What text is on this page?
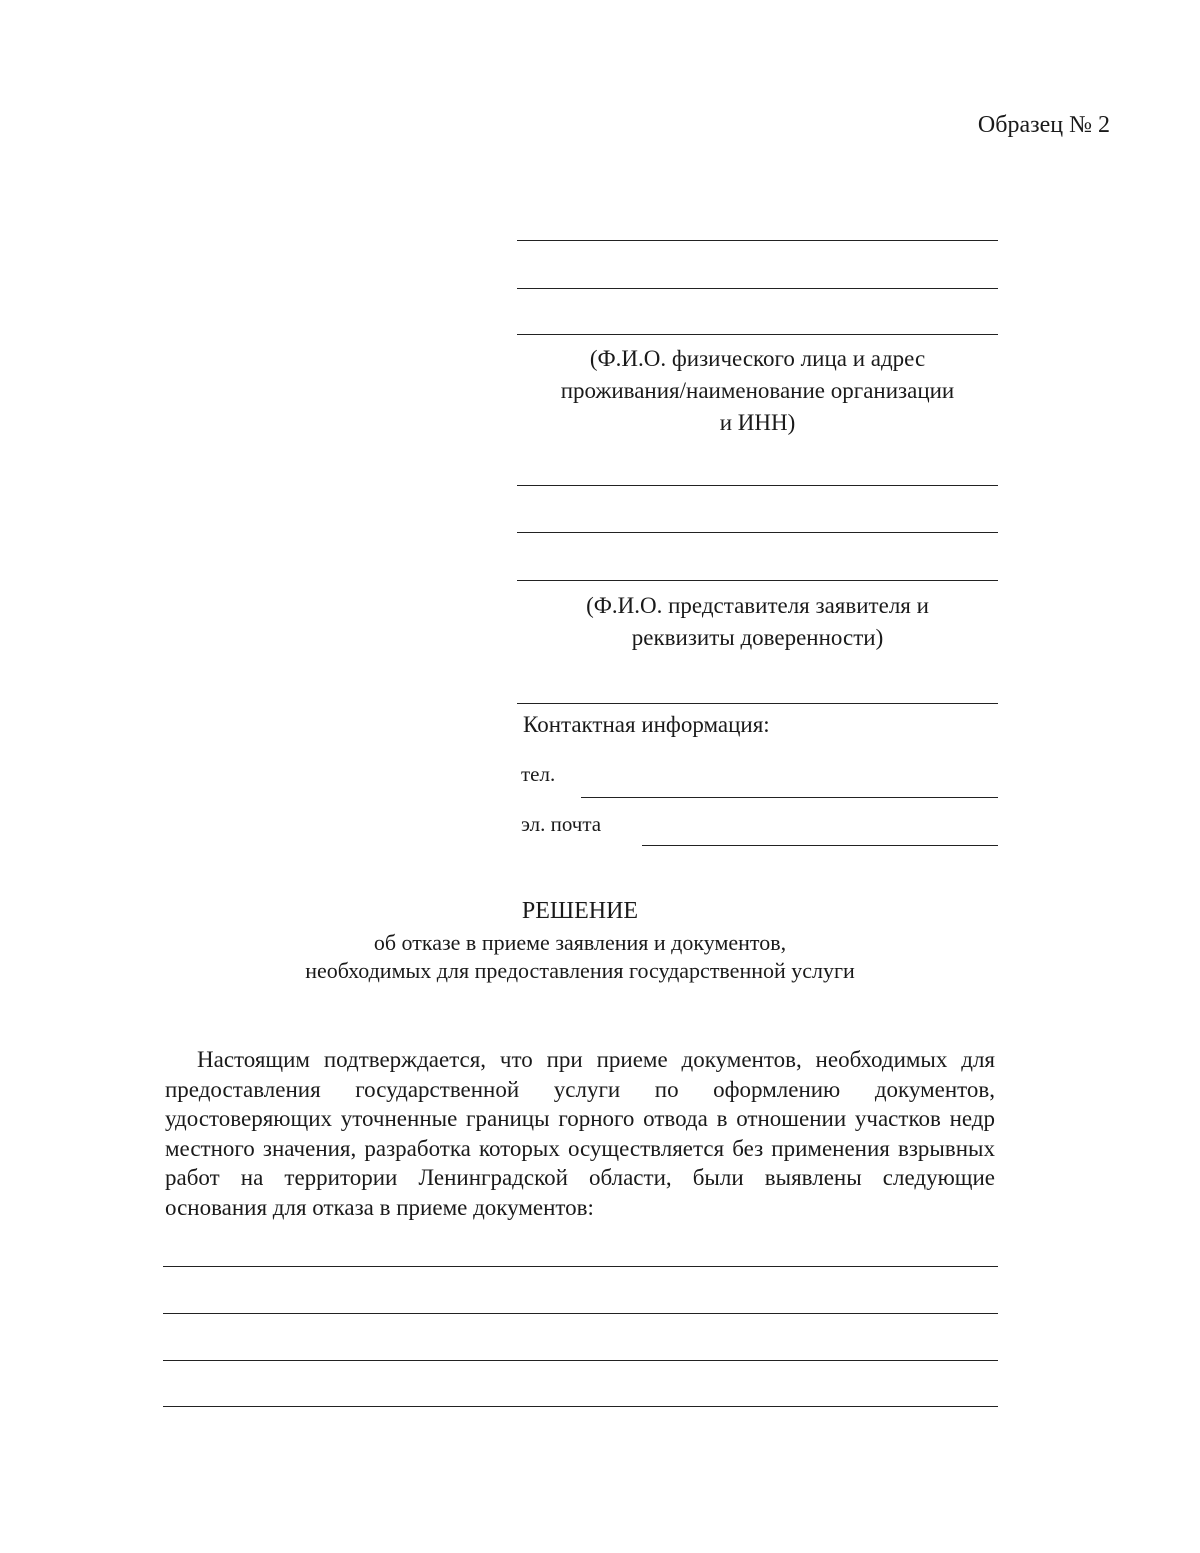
Образец № 2
(Ф.И.О. физического лица и адрес
проживания/наименование организации
и ИНН)
(Ф.И.О. представителя заявителя и
реквизиты доверенности)
Контактная информация:
тел.
эл. почта
РЕШЕНИЕ
об отказе в приеме заявления и документов,
необходимых для предоставления государственной услуги
Настоящим подтверждается, что при приеме документов, необходимых для предоставления государственной услуги по оформлению документов, удостоверяющих уточненные границы горного отвода в отношении участков недр местного значения, разработка которых осуществляется без применения взрывных работ на территории Ленинградской области, были выявлены следующие основания для отказа в приеме документов:
